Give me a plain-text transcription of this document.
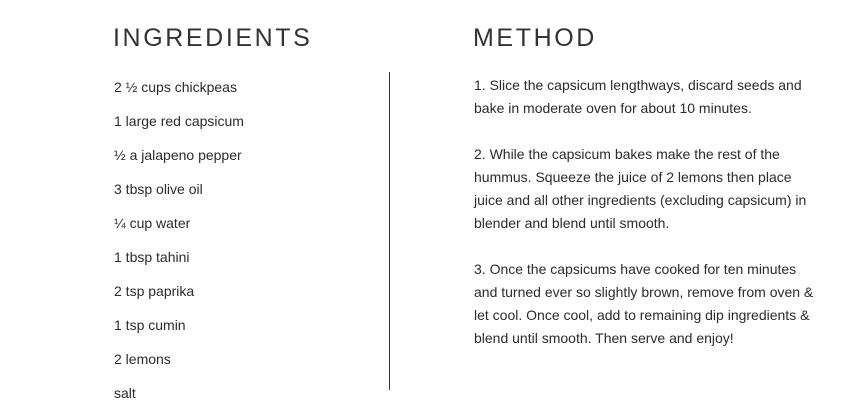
INGREDIENTS	METHOD
2 ½ cups chickpeas
1 large red capsicum
½ a jalapeno pepper
3 tbsp olive oil
¼ cup water
1 tbsp tahini
2 tsp paprika
1 tsp cumin
2 lemons
salt

1. Slice the capsicum lengthways, discard seeds and bake in moderate oven for about 10 minutes.

2. While the capsicum bakes make the rest of the hummus. Squeeze the juice of 2 lemons then place juice and all other ingredients (excluding capsicum) in blender and blend until smooth.

3. Once the capsicums have cooked for ten minutes and turned ever so slightly brown, remove from oven & let cool. Once cool, add to remaining dip ingredients & blend until smooth. Then serve and enjoy!
